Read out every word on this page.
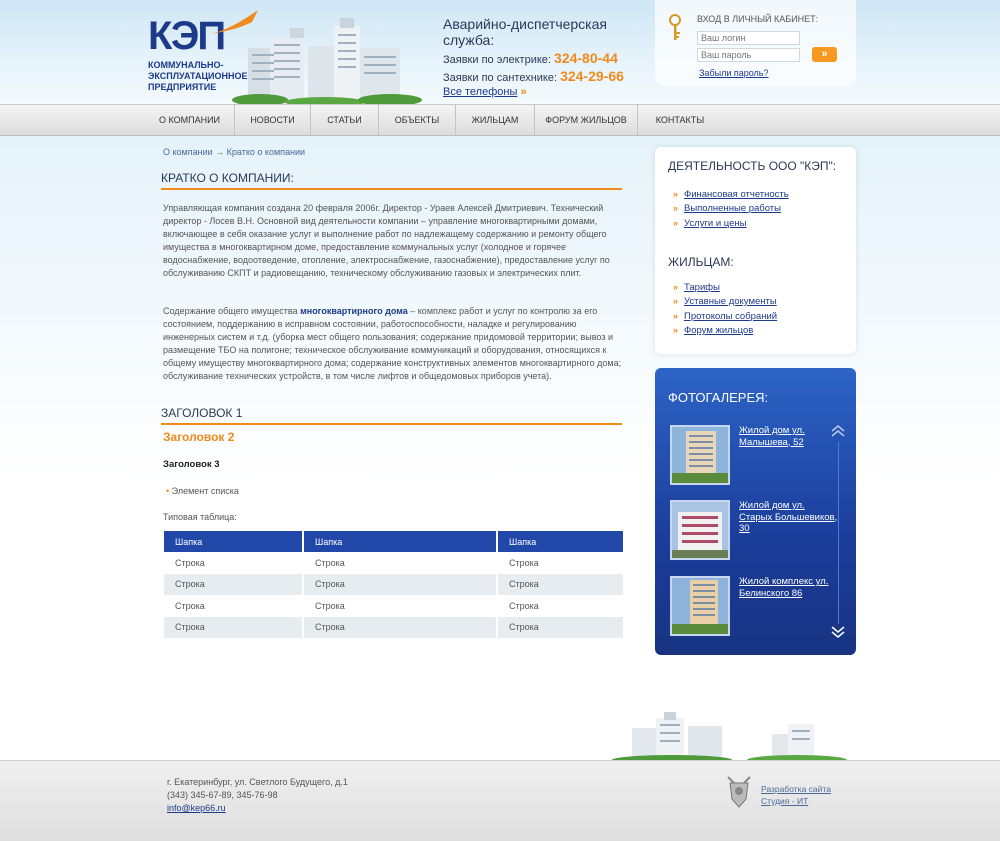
КЭП
КОММУНАЛЬНО-ЭКСПЛУАТАЦИОННОЕ ПРЕДПРИЯТИЕ
Аварийно-диспетчерская служба:
Заявки по электрике: 324-80-44
Заявки по сантехнике: 324-29-66
Все телефоны »
ВХОД В ЛИЧНЫЙ КАБИНЕТ:
Ваш логин
»
Забыли пароль?
О КОМПАНИИ	НОВОСТИ	СТАТЬИ	ОБЪЕКТЫ	ЖИЛЬЦАМ	ФОРУМ ЖИЛЬЦОВ	КОНТАКТЫ
О компании → Кратко о компании
КРАТКО О КОМПАНИИ:
Управляющая компания создана 20 февраля 2006г. Директор - Ураев Алексей Дмитриевич. Технический директор - Лосев В.Н. Основной вид деятельности компании – управление многоквартирными домами, включающее в себя оказание услуг и выполнение работ по надлежащему содержанию и ремонту общего имущества в многоквартирном доме, предоставление коммунальных услуг (холодное и горячее водоснабжение, водоотведение, отопление, электроснабжение, газоснабжение), предоставление услуг по обслуживанию СКПТ и радиовещанию, техническому обслуживанию газовых и электрических плит.
Содержание общего имущества многоквартирного дома – комплекс работ и услуг по контролю за его состоянием, поддержанию в исправном состоянии, работоспособности, наладке и регулированию инженерных систем и т.д. (уборка мест общего пользования; содержание придомовой территории; вывоз и размещение ТБО на полигоне; техническое обслуживание коммуникаций и оборудования, относящихся к общему имуществу многоквартирного дома; содержание конструктивных элементов многоквартирного дома; обслуживание технических устройств, в том числе лифтов и общедомовых приборов учета).
ЗАГОЛОВОК 1
Заголовок 2
Заголовок 3
• Элемент списка
Типовая таблица:
Шапка	Шапка	Шапка
Строка	Строка	Строка
Строка	Строка	Строка
Строка	Строка	Строка
Строка	Строка	Строка
ДЕЯТЕЛЬНОСТЬ ООО "КЭП":
» Финансовая отчетность
» Выполненные работы
» Услуги и цены
ЖИЛЬЦАМ:
» Тарифы
» Уставные документы
» Протоколы собраний
» Форум жильцов
ФОТОГАЛЕРЕЯ:
Жилой дом ул. Малышева, 52
Жилой дом ул. Старых Большевиков, 30
Жилой комплекс ул. Белинского 86
г. Екатеринбург, ул. Светлого Будущего, д.1
(343) 345-67-89, 345-76-98
info@kep66.ru
Разработка сайта
Студия - ИТ
